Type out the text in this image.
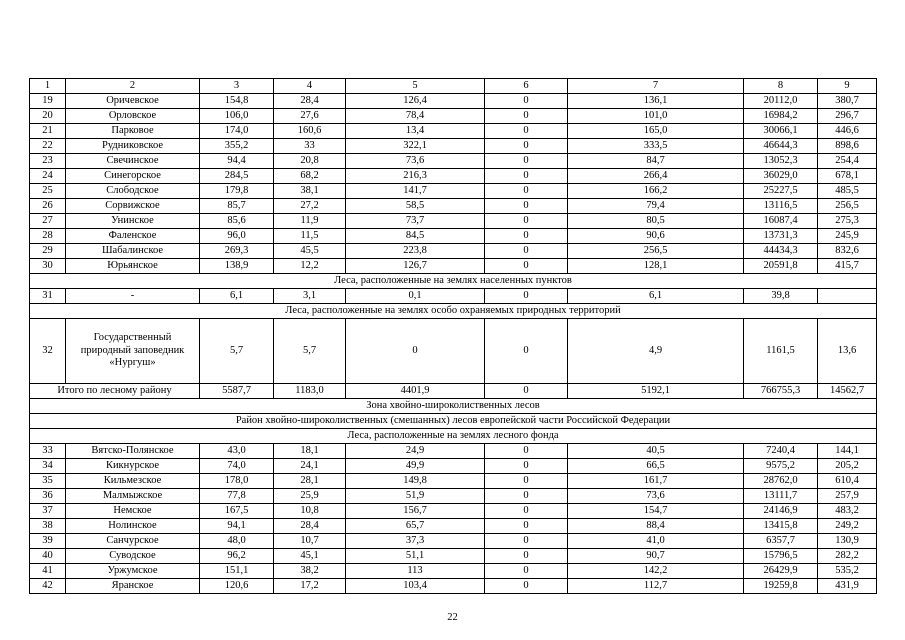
1	2	3	4	5	6	7	8	9
19	Оричевское	154,8	28,4	126,4	0	136,1	20112,0	380,7
20	Орловское	106,0	27,6	78,4	0	101,0	16984,2	296,7
21	Парковое	174,0	160,6	13,4	0	165,0	30066,1	446,6
22	Рудниковское	355,2	33	322,1	0	333,5	46644,3	898,6
23	Свечинское	94,4	20,8	73,6	0	84,7	13052,3	254,4
24	Синегорское	284,5	68,2	216,3	0	266,4	36029,0	678,1
25	Слободское	179,8	38,1	141,7	0	166,2	25227,5	485,5
26	Сорвижское	85,7	27,2	58,5	0	79,4	13116,5	256,5
27	Унинское	85,6	11,9	73,7	0	80,5	16087,4	275,3
28	Фаленское	96,0	11,5	84,5	0	90,6	13731,3	245,9
29	Шабалинское	269,3	45,5	223,8	0	256,5	44434,3	832,6
30	Юрьянское	138,9	12,2	126,7	0	128,1	20591,8	415,7
Леса, расположенные на землях населенных пунктов								
31	-	6,1	3,1	0,1	0	6,1	39,8	
Леса, расположенные на землях особо охраняемых природных территорий								
32	Государственный природный заповедник «Нургуш»	5,7	5,7	0	0	4,9	1161,5	13,6
Итого по лесному району		5587,7	1183,0	4401,9	0	5192,1	766755,3	14562,7
Зона хвойно-широколиственных лесов								
Район хвойно-широколиственных (смешанных) лесов европейской части Российской Федерации								
Леса, расположенные на землях лесного фонда								
33	Вятско-Полянское	43,0	18,1	24,9	0	40,5	7240,4	144,1
34	Кикнурское	74,0	24,1	49,9	0	66,5	9575,2	205,2
35	Кильмезское	178,0	28,1	149,8	0	161,7	28762,0	610,4
36	Малмыжское	77,8	25,9	51,9	0	73,6	13111,7	257,9
37	Немское	167,5	10,8	156,7	0	154,7	24146,9	483,2
38	Нолинское	94,1	28,4	65,7	0	88,4	13415,8	249,2
39	Санчурское	48,0	10,7	37,3	0	41,0	6357,7	130,9
40	Суводское	96,2	45,1	51,1	0	90,7	15796,5	282,2
41	Уржумское	151,1	38,2	113	0	142,2	26429,9	535,2
42	Яранское	120,6	17,2	103,4	0	112,7	19259,8	431,9
22
